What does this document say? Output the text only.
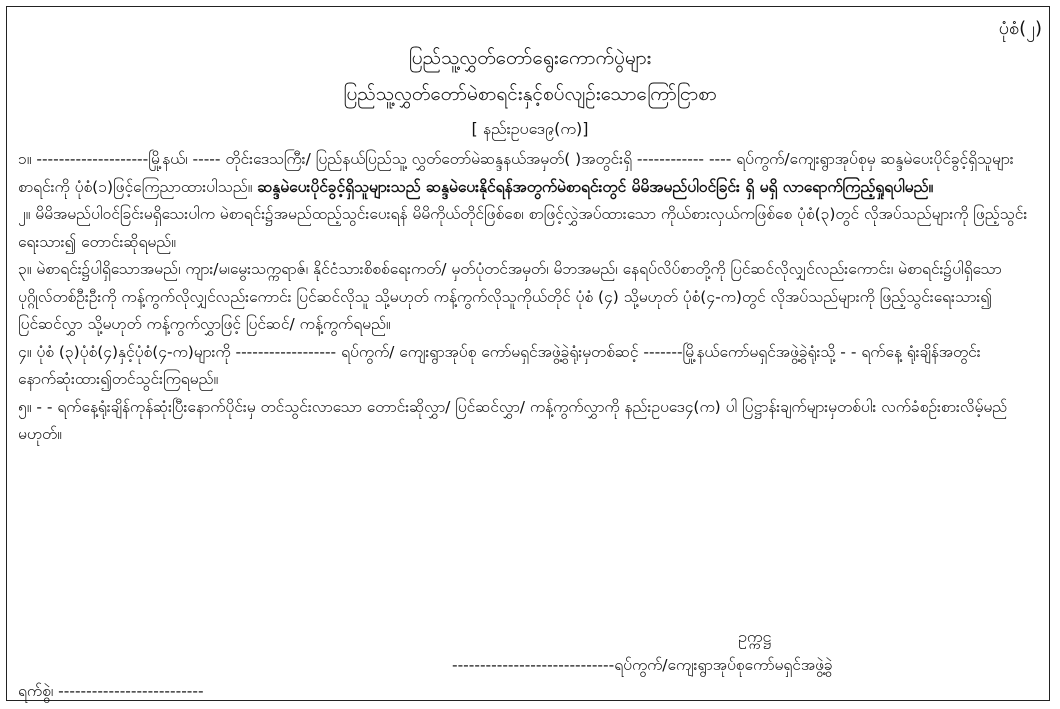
ပုံစံ(၂)
ပြည်သူ့လွှတ်တော်ရွေးကောက်ပွဲများ
ပြည်သူ့လွှတ်တော်မဲစာရင်းနှင့်စပ်လျဉ်းသောကြော်ငြာစာ
[ နည်းဥပဒေ၉(က)]

၁။ --------------------မြို့နယ်၊ ----- တိုင်းဒေသကြီး/ ပြည်နယ်ပြည်သူ့ လွှတ်တော်မဲဆန္ဒနယ်အမှတ်( )အတွင်းရှိ ------------ ---- ရပ်ကွက်/ကျေးရွာအုပ်စုမှ ဆန္ဒမဲပေးပိုင်ခွင့်ရှိသူများစာရင်းကို ပုံစံ(၁)ဖြင့်ကြေညာထားပါသည်။ ဆန္ဒမဲပေးပိုင်ခွင့်ရှိသူများသည် ဆန္ဒမဲပေးနိုင်ရန်အတွက်မဲစာရင်းတွင် မိမိအမည်ပါဝင်ခြင်း ရှိ မရှိ လာရောက်ကြည့်ရှုရပါမည်။

၂။ မိမိအမည်ပါဝင်ခြင်းမရှိသေးပါက မဲစာရင်း၌အမည်ထည့်သွင်းပေးရန် မိမိကိုယ်တိုင်ဖြစ်စေ၊ စာဖြင့်လွှဲအပ်ထားသော ကိုယ်စားလှယ်ကဖြစ်စေ ပုံစံ(၃)တွင် လိုအပ်သည်များကို ဖြည့်သွင်းရေးသား၍ တောင်းဆိုရမည်။

၃။ မဲစာရင်း၌ပါရှိသောအမည်၊ ကျား/မ၊မွေးသက္ကရာဇ်၊ နိုင်ငံသားစိစစ်ရေးကတ်/ မှတ်ပုံတင်အမှတ်၊ မိဘအမည်၊ နေရပ်လိပ်စာတို့ကို ပြင်ဆင်လိုလျှင်လည်းကောင်း၊ မဲစာရင်း၌ပါရှိသောပုဂ္ဂိုလ်တစ်ဦးဦးကို ကန့်ကွက်လိုလျှင်လည်းကောင်း ပြင်ဆင်လိုသူ သို့မဟုတ် ကန့်ကွက်လိုသူကိုယ်တိုင် ပုံစံ (၄) သို့မဟုတ် ပုံစံ(၄-က)တွင် လိုအပ်သည်များကို ဖြည့်သွင်းရေးသား၍ ပြင်ဆင်လွှာ သို့မဟုတ် ကန့်ကွက်လွှာဖြင့် ပြင်ဆင်/ ကန့်ကွက်ရမည်။

၄။ ပုံစံ (၃)ပုံစံ(၄)နှင့်ပုံစံ(၄-က)များကို ------------------ ရပ်ကွက်/ ကျေးရွာအုပ်စု ကော်မရှင်အဖွဲ့ခွဲရုံးမှတစ်ဆင့် -------မြို့နယ်ကော်မရှင်အဖွဲ့ခွဲရုံးသို့ - - ရက်နေ့ ရုံးချိန်အတွင်း နောက်ဆုံးထား၍တင်သွင်းကြရမည်။

၅။ - - ရက်နေ့ရုံးချိန်ကုန်ဆုံးပြီးနောက်ပိုင်းမှ တင်သွင်းလာသော တောင်းဆိုလွှာ/ ပြင်ဆင်လွှာ/ ကန့်ကွက်လွှာကို နည်းဥပဒေ၄(က) ပါ ပြဋ္ဌာန်းချက်များမှတစ်ပါး လက်ခံစဉ်းစားလိမ့်မည်မဟုတ်။

ဥက္ကဋ္ဌ
-----------------------------ရပ်ကွက်/ကျေးရွာအုပ်စုကော်မရှင်အဖွဲ့ခွဲ
ရက်စွဲ၊ --------------------------
